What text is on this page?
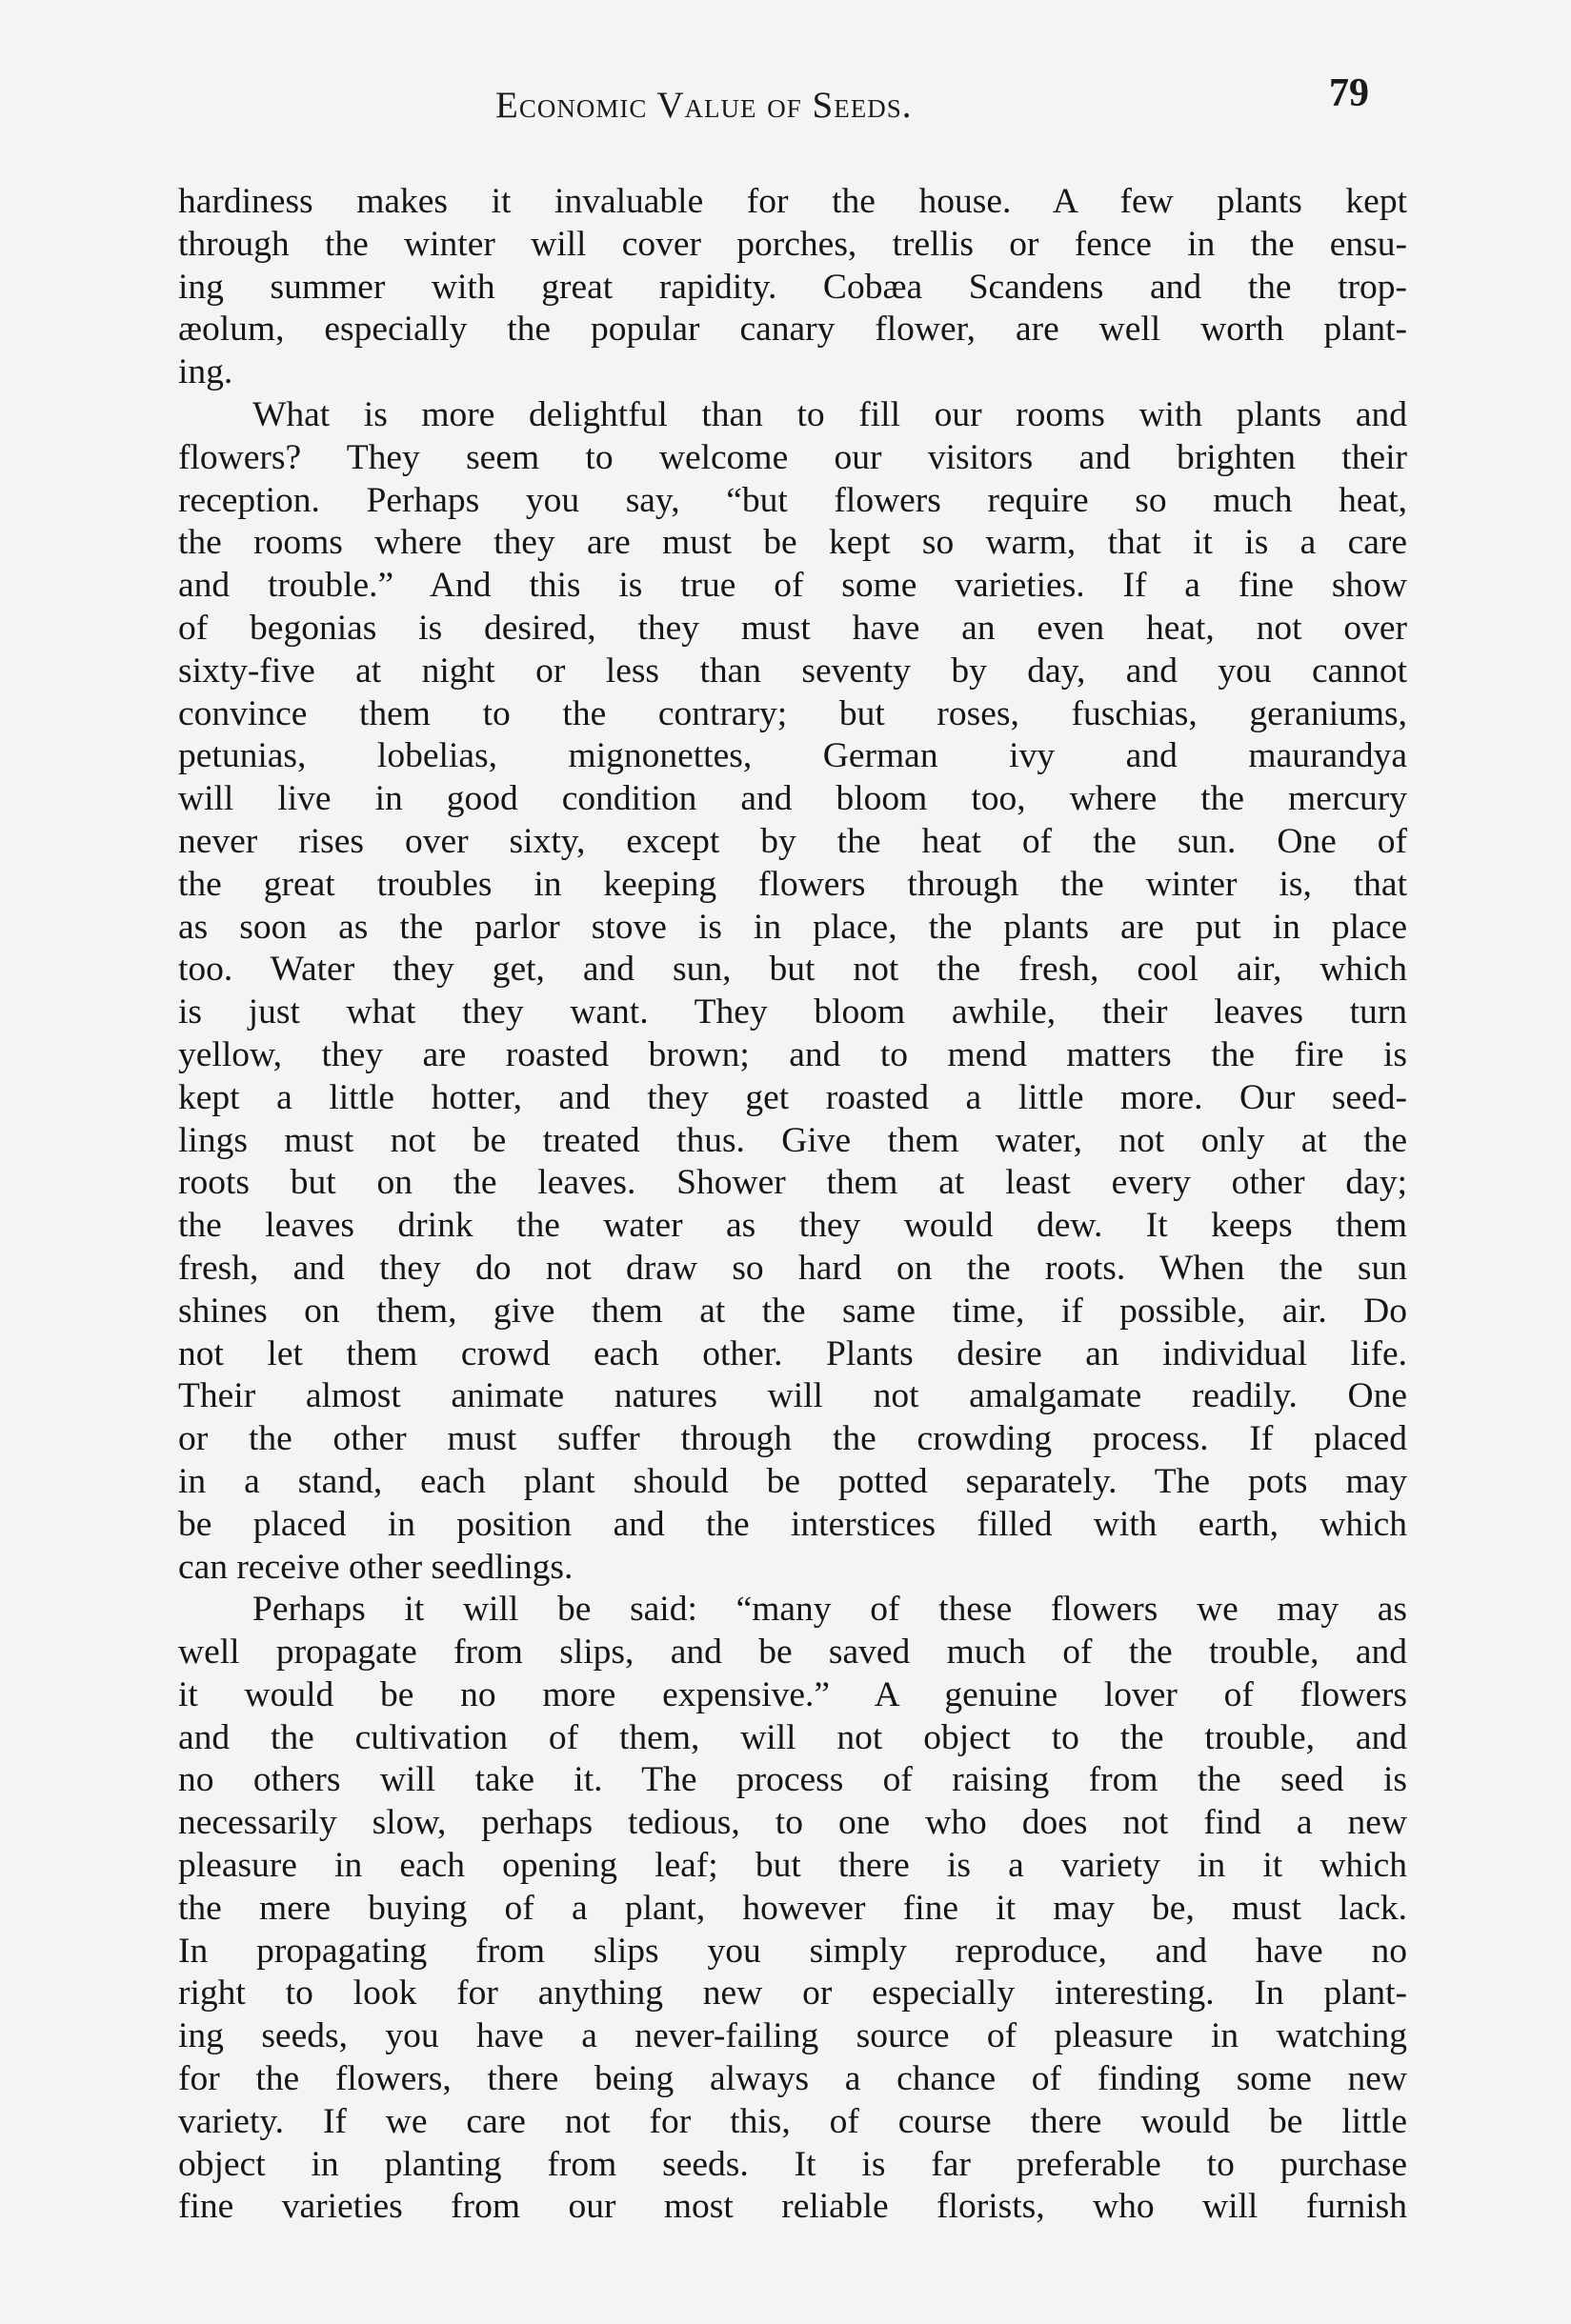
Economic Value of Seeds.	79
hardiness makes it invaluable for the house. A few plants kept
through the winter will cover porches, trellis or fence in the ensu-
ing summer with great rapidity. Cobæa Scandens and the trop-
æolum, especially the popular canary flower, are well worth plant-
ing.
What is more delightful than to fill our rooms with plants and
flowers? They seem to welcome our visitors and brighten their
reception. Perhaps you say, “but flowers require so much heat,
the rooms where they are must be kept so warm, that it is a care
and trouble.” And this is true of some varieties. If a fine show
of begonias is desired, they must have an even heat, not over
sixty-five at night or less than seventy by day, and you cannot
convince them to the contrary; but roses, fuschias, geraniums,
petunias, lobelias, mignonettes, German ivy and maurandya
will live in good condition and bloom too, where the mercury
never rises over sixty, except by the heat of the sun. One of
the great troubles in keeping flowers through the winter is, that
as soon as the parlor stove is in place, the plants are put in place
too. Water they get, and sun, but not the fresh, cool air, which
is just what they want. They bloom awhile, their leaves turn
yellow, they are roasted brown; and to mend matters the fire is
kept a little hotter, and they get roasted a little more. Our seed-
lings must not be treated thus. Give them water, not only at the
roots but on the leaves. Shower them at least every other day;
the leaves drink the water as they would dew. It keeps them
fresh, and they do not draw so hard on the roots. When the sun
shines on them, give them at the same time, if possible, air. Do
not let them crowd each other. Plants desire an individual life.
Their almost animate natures will not amalgamate readily. One
or the other must suffer through the crowding process. If placed
in a stand, each plant should be potted separately. The pots may
be placed in position and the interstices filled with earth, which
can receive other seedlings.
Perhaps it will be said: “many of these flowers we may as
well propagate from slips, and be saved much of the trouble, and
it would be no more expensive.” A genuine lover of flowers
and the cultivation of them, will not object to the trouble, and
no others will take it. The process of raising from the seed is
necessarily slow, perhaps tedious, to one who does not find a new
pleasure in each opening leaf; but there is a variety in it which
the mere buying of a plant, however fine it may be, must lack.
In propagating from slips you simply reproduce, and have no
right to look for anything new or especially interesting. In plant-
ing seeds, you have a never-failing source of pleasure in watching
for the flowers, there being always a chance of finding some new
variety. If we care not for this, of course there would be little
object in planting from seeds. It is far preferable to purchase
fine varieties from our most reliable florists, who will furnish
